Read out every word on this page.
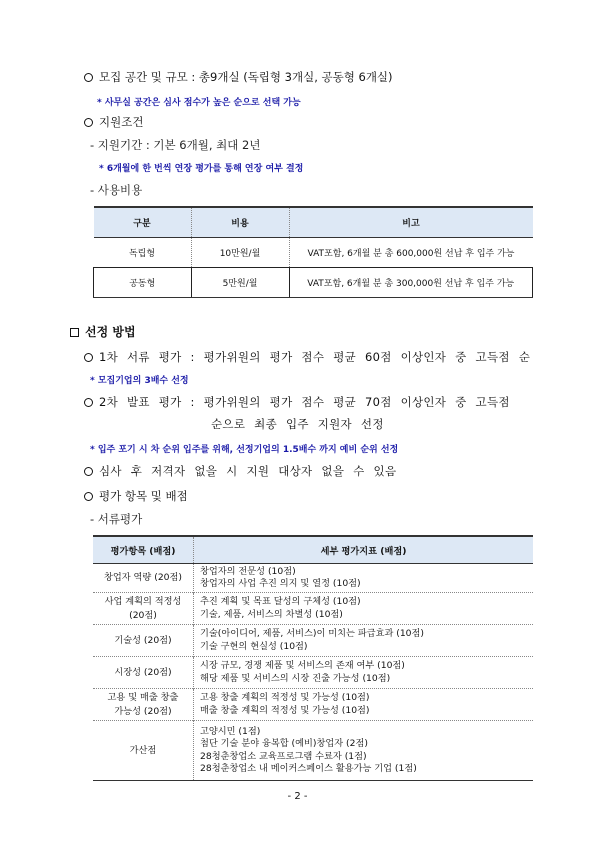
모집 공간 및 규모 : 총9개실 (독립형 3개실, 공동형 6개실)
* 사무실 공간은 심사 점수가 높은 순으로 선택 가능
지원조건
- 지원기간 : 기본 6개월, 최대 2년
* 6개월에 한 번씩 연장 평가를 통해 연장 여부 결정
- 사용비용
구분	비용	비고
독립형	10만원/월	VAT포함, 6개월 분 총 600,000원 선납 후 입주 가능
공동형	5만원/월	VAT포함, 6개월 분 총 300,000원 선납 후 입주 가능
선정 방법
1차 서류 평가 : 평가위원의 평가 점수 평균 60점 이상인자 중 고득점 순
* 모집기업의 3배수 선정
2차 발표 평가 : 평가위원의 평가 점수 평균 70점 이상인자 중 고득점
순으로 최종 입주 지원자 선정
* 입주 포기 시 차 순위 입주를 위해, 선정기업의 1.5배수 까지 예비 순위 선정
심사 후 저격자 없을 시 지원 대상자 없을 수 있음
평가 항목 및 배점
- 서류평가
평가항목 (배점)	세부 평가지표 (배점)
창업자 역량 (20점)	창업자의 전문성 (10점)
창업자의 사업 추진 의지 및 열정 (10점)

사업 계획의 적정성
(20점)	추진 계획 및 목표 달성의 구체성 (10점)
기술, 제품, 서비스의 차별성 (10점)

기술성 (20점)	기술(아이디어, 제품, 서비스)이 미치는 파급효과 (10점)
기술 구현의 현실성 (10점)

시장성 (20점)	시장 규모, 경쟁 제품 및 서비스의 존재 여부 (10점)
해당 제품 및 서비스의 시장 진출 가능성 (10점)

고용 및 매출 창출
가능성 (20점)	고용 창출 계획의 적정성 및 가능성 (10점)
매출 창출 계획의 적정성 및 가능성 (10점)

가산점	고양시민 (1점)
첨단 기술 분야 융복합 (예비)창업자 (2점)
28청춘창업소 교육프로그램 수료자 (1점)
28청춘창업소 내 메이커스페이스 활용가능 기업 (1점)
- 2 -
